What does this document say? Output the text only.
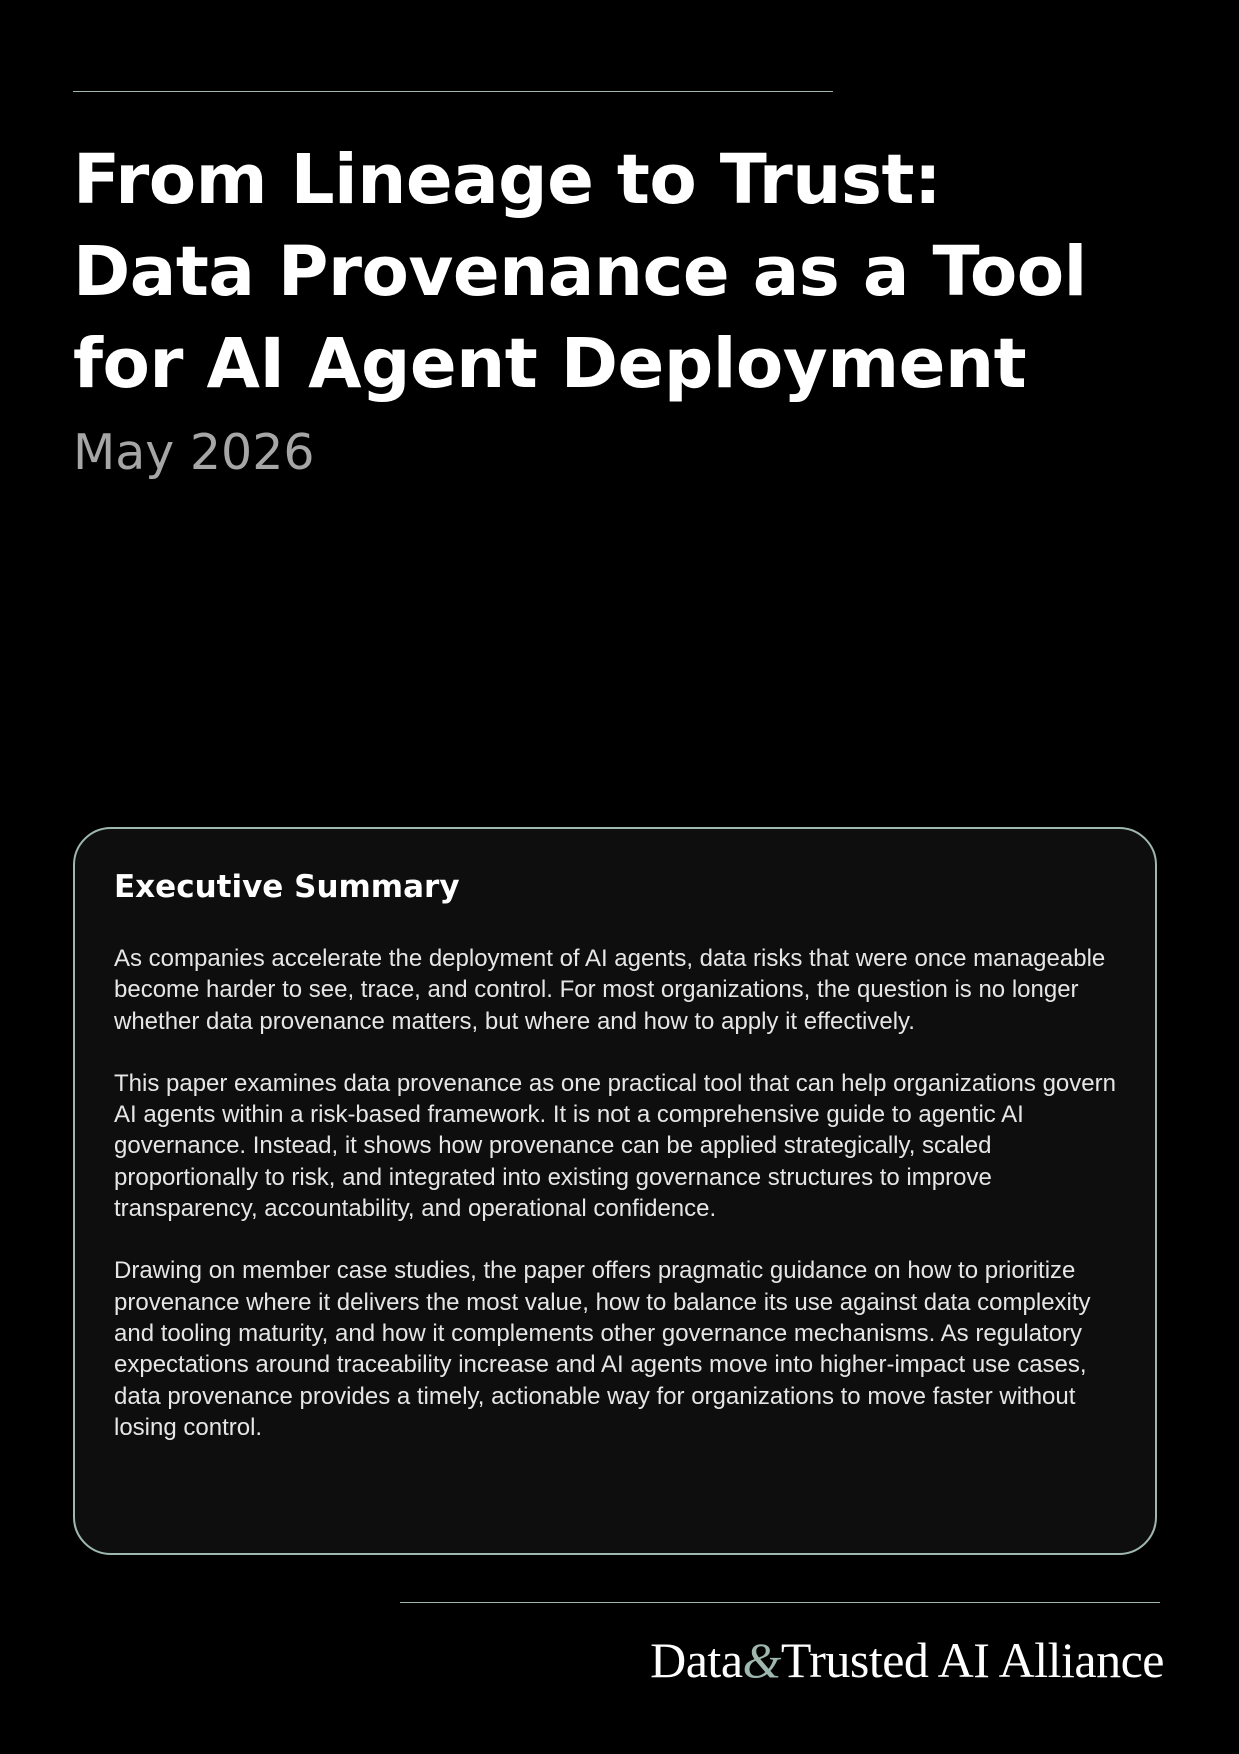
From Lineage to Trust:
Data Provenance as a Tool
for AI Agent Deployment

May 2026

Executive Summary

As companies accelerate the deployment of AI agents, data risks that were once manageable become harder to see, trace, and control. For most organizations, the question is no longer whether data provenance matters, but where and how to apply it effectively.

This paper examines data provenance as one practical tool that can help organizations govern AI agents within a risk-based framework. It is not a comprehensive guide to agentic AI governance. Instead, it shows how provenance can be applied strategically, scaled proportionally to risk, and integrated into existing governance structures to improve transparency, accountability, and operational confidence.

Drawing on member case studies, the paper offers pragmatic guidance on how to prioritize provenance where it delivers the most value, how to balance its use against data complexity and tooling maturity, and how it complements other governance mechanisms. As regulatory expectations around traceability increase and AI agents move into higher-impact use cases, data provenance provides a timely, actionable way for organizations to move faster without losing control.

Data&Trusted AI Alliance
